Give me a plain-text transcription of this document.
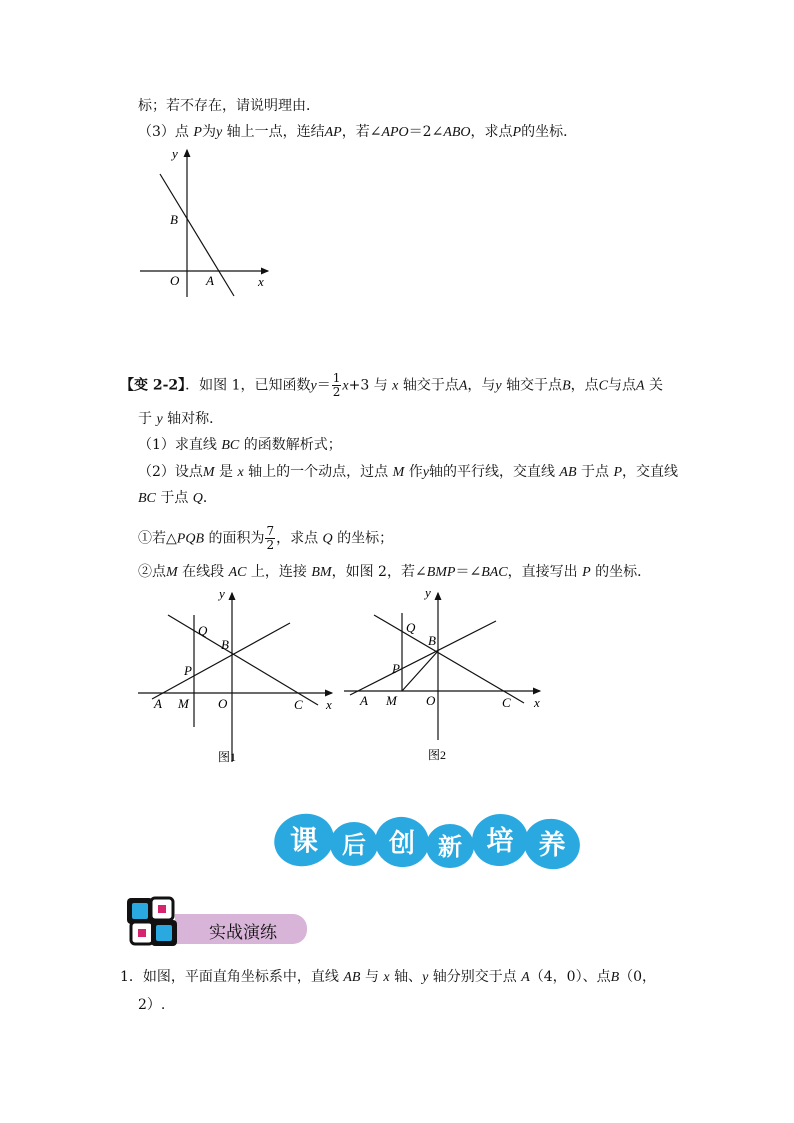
标；若不存在，请说明理由．
（3）点 P为y 轴上一点，连结AP，若∠APO＝2∠ABO，求点P的坐标．
y
x
O A
B
【变 2-2】．如图 1，已知函数$y= \frac{1}{2} x+3$ 与 x 轴交于点A，与y 轴交于点B，点C与点A 关
于 y 轴对称．
（1）求直线 BC 的函数解析式；
（2）设点M 是 x 轴上的一个动点，过点 M 作y轴的平行线，交直线 AB 于点 P，交直线
BC 于点 Q．
①若△PQB 的面积为 $\frac{7}{2}$ ，求点 Q 的坐标；
②点M 在线段 AC 上，连接 BM，如图 2，若∠BMP＝∠BAC，直接写出 P 的坐标．
y
x
O
A M	C
B
Q
P
图1
y
x
O
A M	C
B
Q
P
图2
课 后 创 新 培 养
实战演练
1．如图，平面直角坐标系中，直线 AB 与 x 轴、y 轴分别交于点 A（4，0）、点B（0，
2）.
